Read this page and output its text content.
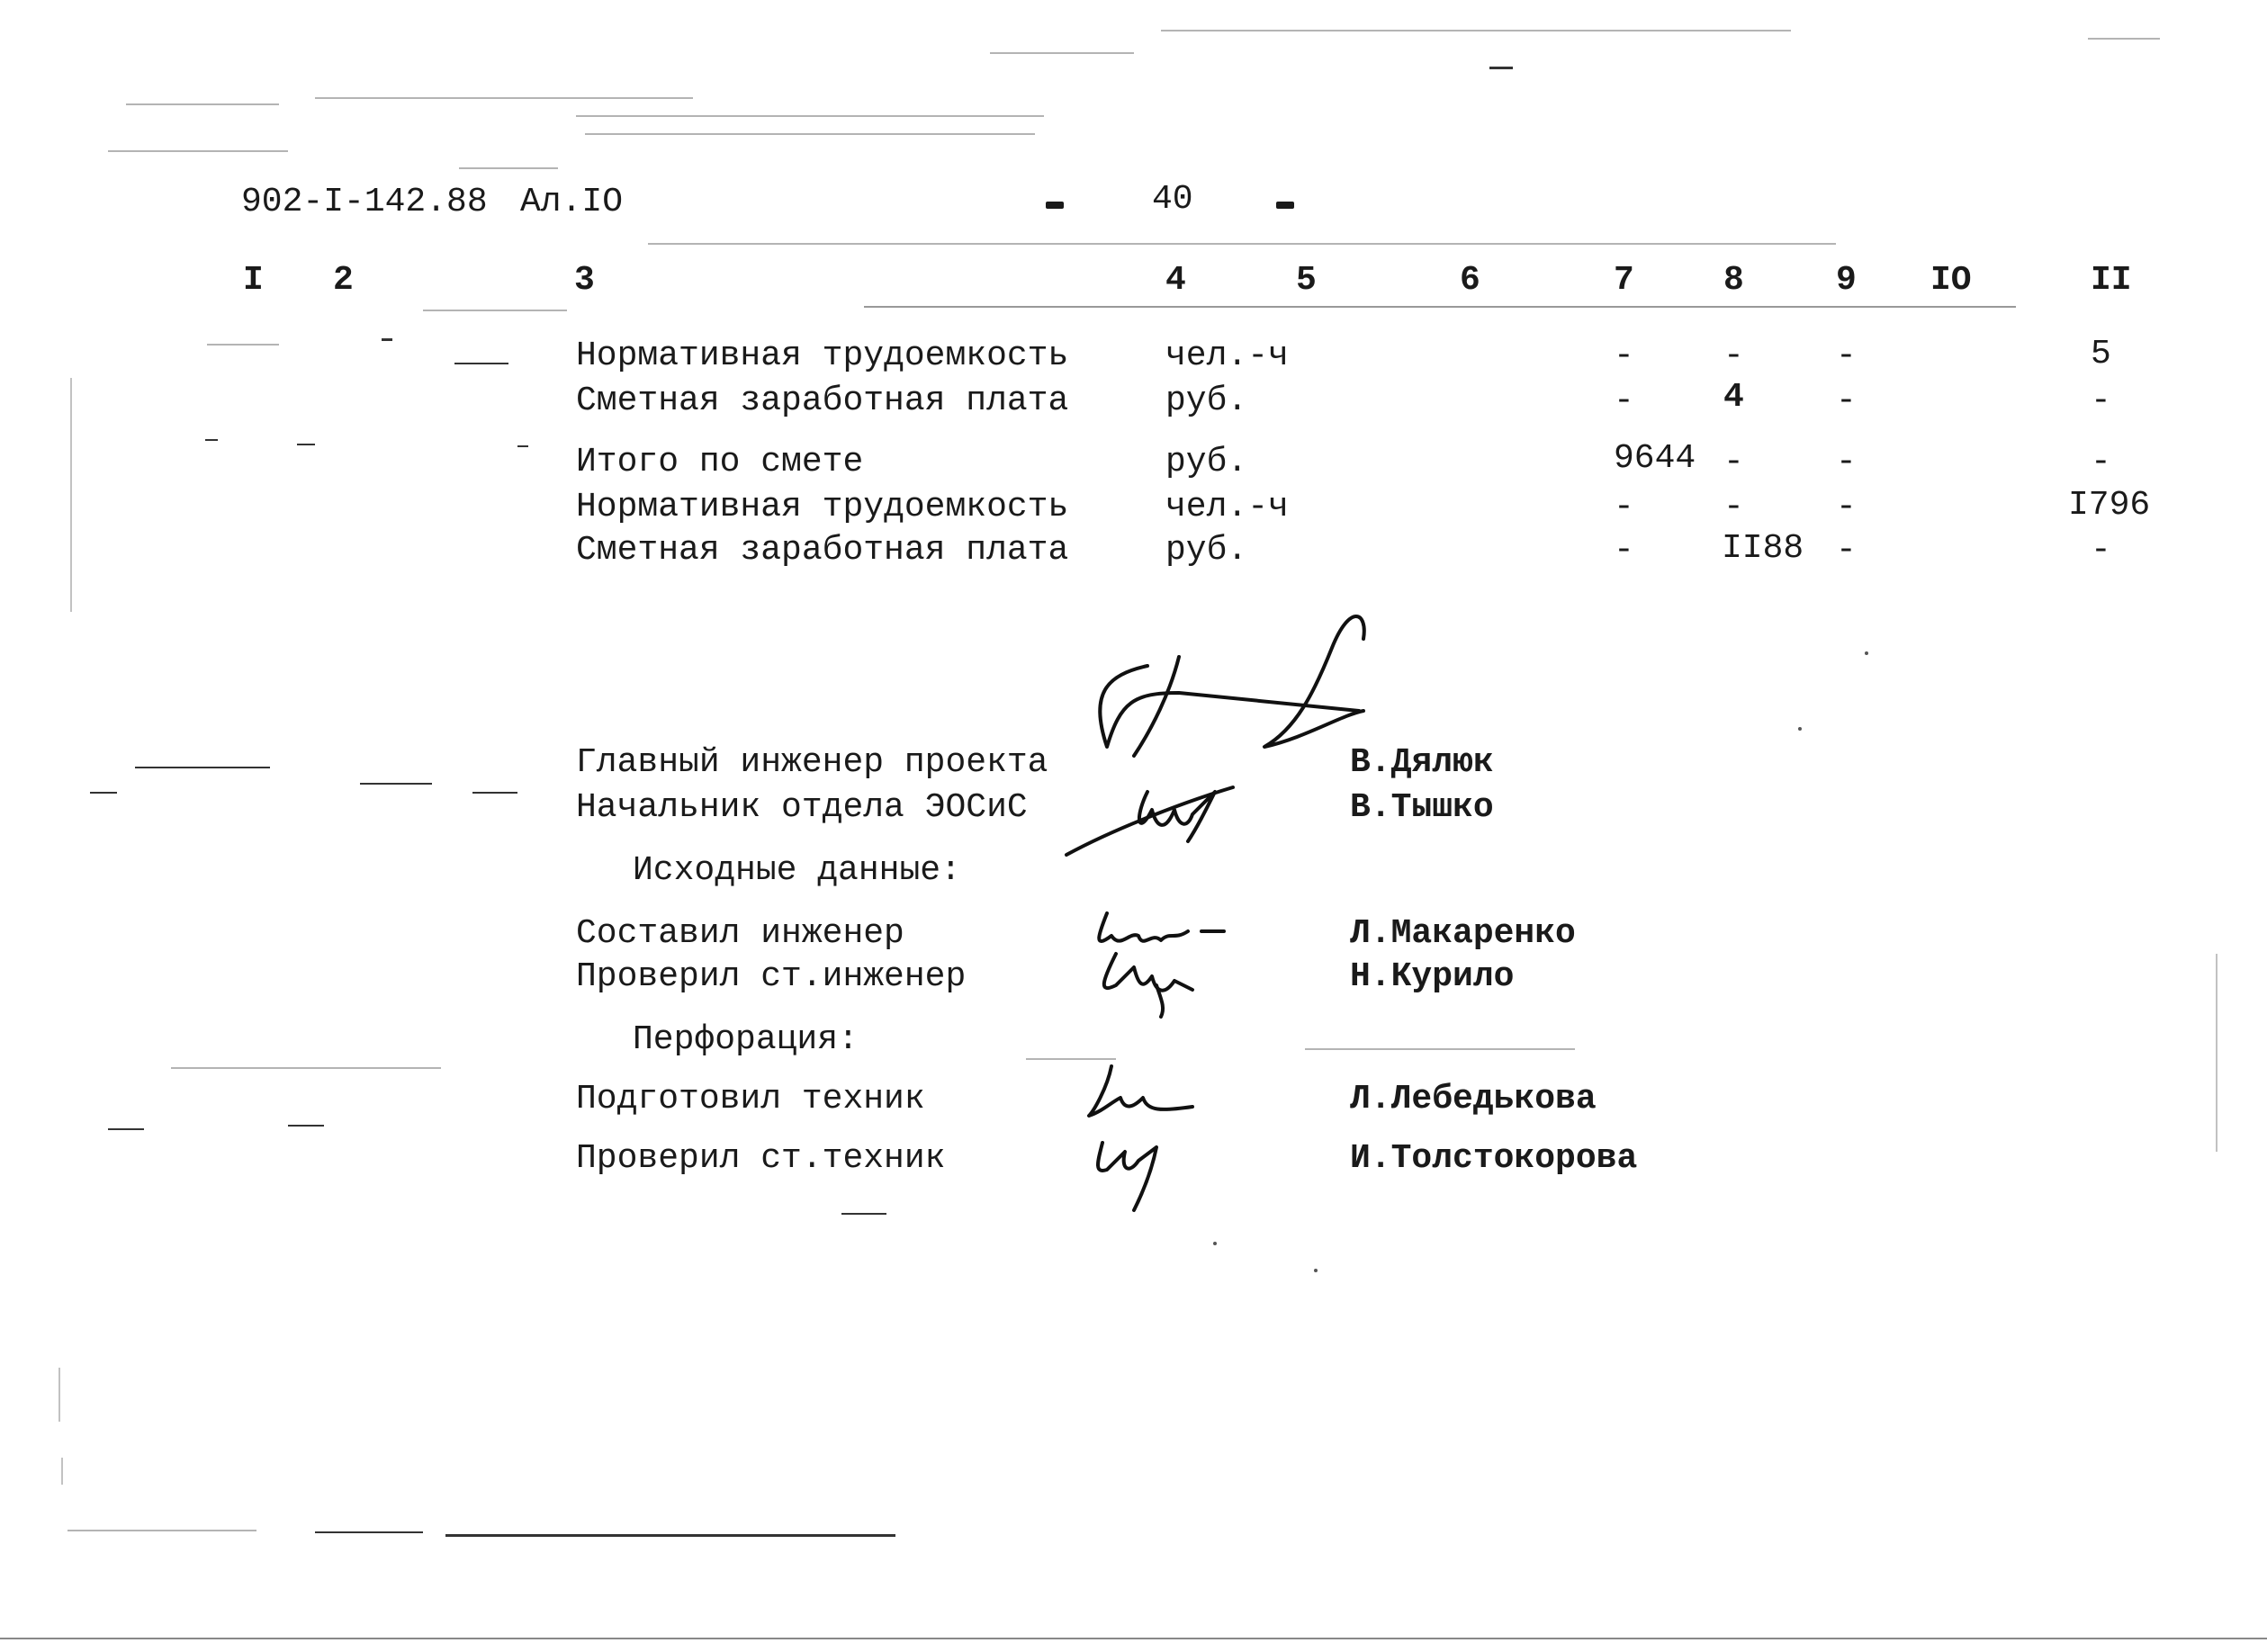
902-I-142.88 Ал.IO	40
I 2	3	4	5	6	7	8	9 IO	II
Нормативная трудоемкость	чел.-ч	-	-	-	5
Сметная заработная плата	руб.	-	4	-	-
Итого по смете	руб.	9644 -	-	-
Нормативная трудоемкость	чел.-ч	-	-	-	I796
Сметная заработная плата	руб.	-	II88 -	-
Главный инженер проекта	В.Дялюк
Начальник отдела ЭОСиС	В.Тышко
Исходные данные:
Составил инженер	Л.Макаренко
Проверил ст.инженер	Н.Курило
Перфорация:
Подготовил техник	Л.Лебедькова
Проверил ст.техник	И.Толстокорова
